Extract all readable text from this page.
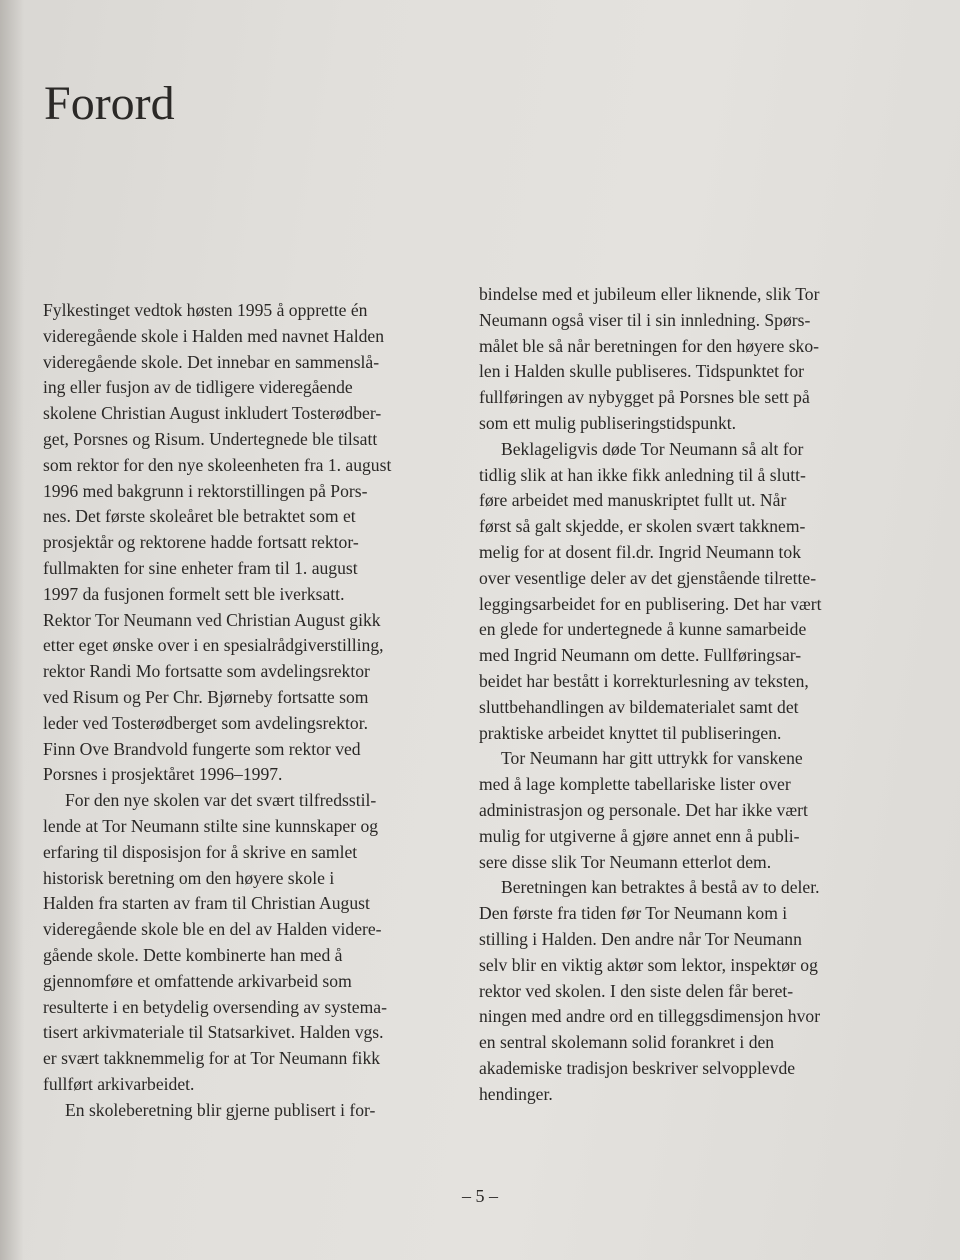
Forord
Fylkestinget vedtok høsten 1995 å opprette én
videregående skole i Halden med navnet Halden
videregående skole. Det innebar en sammenslå-
ing eller fusjon av de tidligere videregående
skolene Christian August inkludert Tosterødber-
get, Porsnes og Risum. Undertegnede ble tilsatt
som rektor for den nye skoleenheten fra 1. august
1996 med bakgrunn i rektorstillingen på Pors-
nes. Det første skoleåret ble betraktet som et
prosjektår og rektorene hadde fortsatt rektor-
fullmakten for sine enheter fram til 1. august
1997 da fusjonen formelt sett ble iverksatt.
Rektor Tor Neumann ved Christian August gikk
etter eget ønske over i en spesialrådgiverstilling,
rektor Randi Mo fortsatte som avdelingsrektor
ved Risum og Per Chr. Bjørneby fortsatte som
leder ved Tosterødberget som avdelingsrektor.
Finn Ove Brandvold fungerte som rektor ved
Porsnes i prosjektåret 1996–1997.
For den nye skolen var det svært tilfredsstil-
lende at Tor Neumann stilte sine kunnskaper og
erfaring til disposisjon for å skrive en samlet
historisk beretning om den høyere skole i
Halden fra starten av fram til Christian August
videregående skole ble en del av Halden videre-
gående skole. Dette kombinerte han med å
gjennomføre et omfattende arkivarbeid som
resulterte i en betydelig oversending av systema-
tisert arkivmateriale til Statsarkivet. Halden vgs.
er svært takknemmelig for at Tor Neumann fikk
fullført arkivarbeidet.
En skoleberetning blir gjerne publisert i for-
bindelse med et jubileum eller liknende, slik Tor
Neumann også viser til i sin innledning. Spørs-
målet ble så når beretningen for den høyere sko-
len i Halden skulle publiseres. Tidspunktet for
fullføringen av nybygget på Porsnes ble sett på
som ett mulig publiseringstidspunkt.
Beklageligvis døde Tor Neumann så alt for
tidlig slik at han ikke fikk anledning til å slutt-
føre arbeidet med manuskriptet fullt ut. Når
først så galt skjedde, er skolen svært takknem-
melig for at dosent fil.dr. Ingrid Neumann tok
over vesentlige deler av det gjenstående tilrette-
leggingsarbeidet for en publisering. Det har vært
en glede for undertegnede å kunne samarbeide
med Ingrid Neumann om dette. Fullføringsar-
beidet har bestått i korrekturlesning av teksten,
sluttbehandlingen av bildematerialet samt det
praktiske arbeidet knyttet til publiseringen.
Tor Neumann har gitt uttrykk for vanskene
med å lage komplette tabellariske lister over
administrasjon og personale. Det har ikke vært
mulig for utgiverne å gjøre annet enn å publi-
sere disse slik Tor Neumann etterlot dem.
Beretningen kan betraktes å bestå av to deler.
Den første fra tiden før Tor Neumann kom i
stilling i Halden. Den andre når Tor Neumann
selv blir en viktig aktør som lektor, inspektør og
rektor ved skolen. I den siste delen får beret-
ningen med andre ord en tilleggsdimensjon hvor
en sentral skolemann solid forankret i den
akademiske tradisjon beskriver selvopplevde
hendinger.
– 5 –
